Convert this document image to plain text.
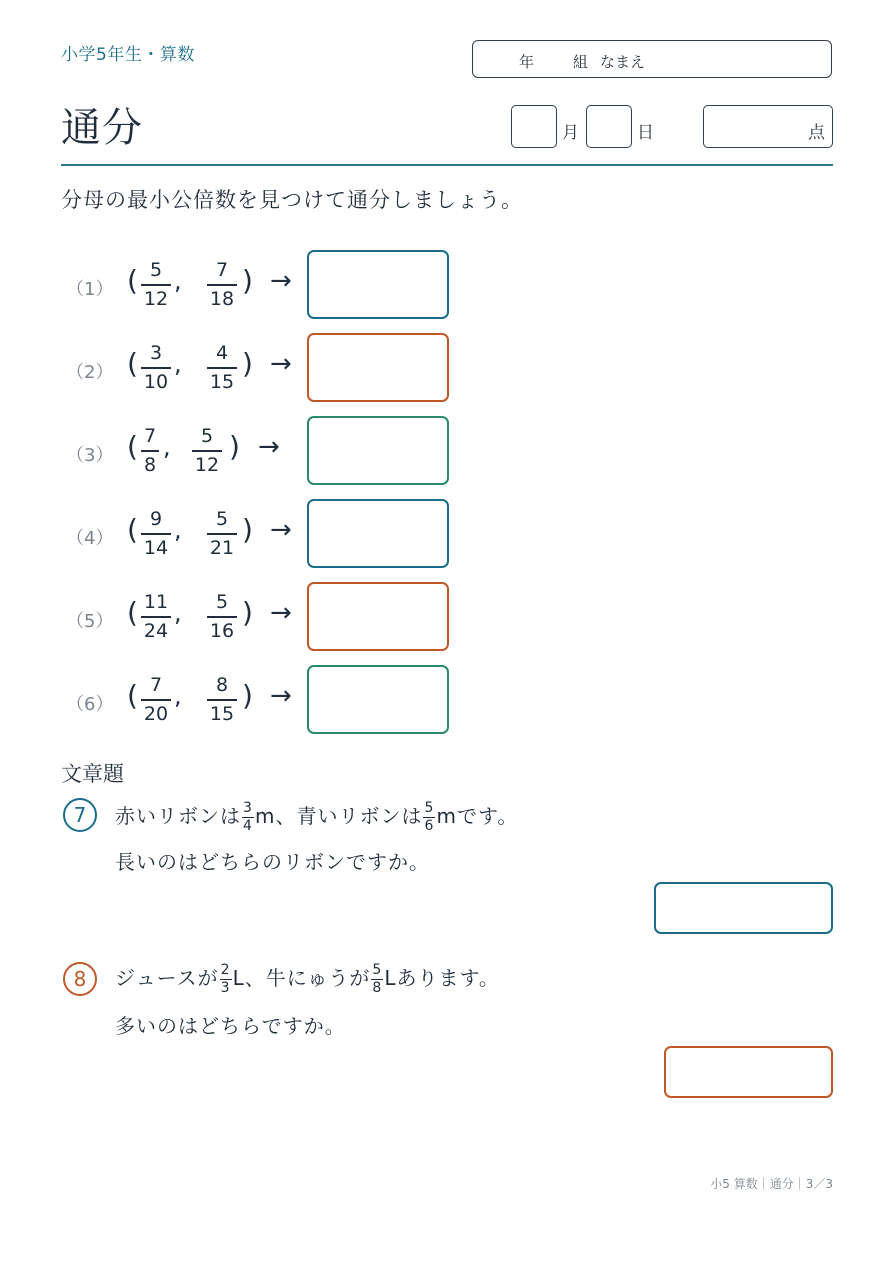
小学5年生・算数	年	組 なまえ
通分	月	日	点
分母の最小公倍数を見つけて通分しましょう。
（1） ( 5
12
, 7
18
) →
（2） ( 3
10
, 4
15
) →
（3） ( 7
8
, 5
12
) →
（4） ( 9
14
, 5
21
) →
（5） ( 11
24
, 5
16
) →
（6） ( 7
20
, 8
15
) →
文章題
7 赤いリボンは $\frac{3}{4}$ m、青いリボンは $\frac{5}{6}$ mです。
長いのはどちらのリボンですか。
8 ジュースが $\frac{2}{3}$ L、牛にゅうが $\frac{5}{8}$ Lあります。
多いのはどちらですか。
小5 算数｜通分｜3／3
